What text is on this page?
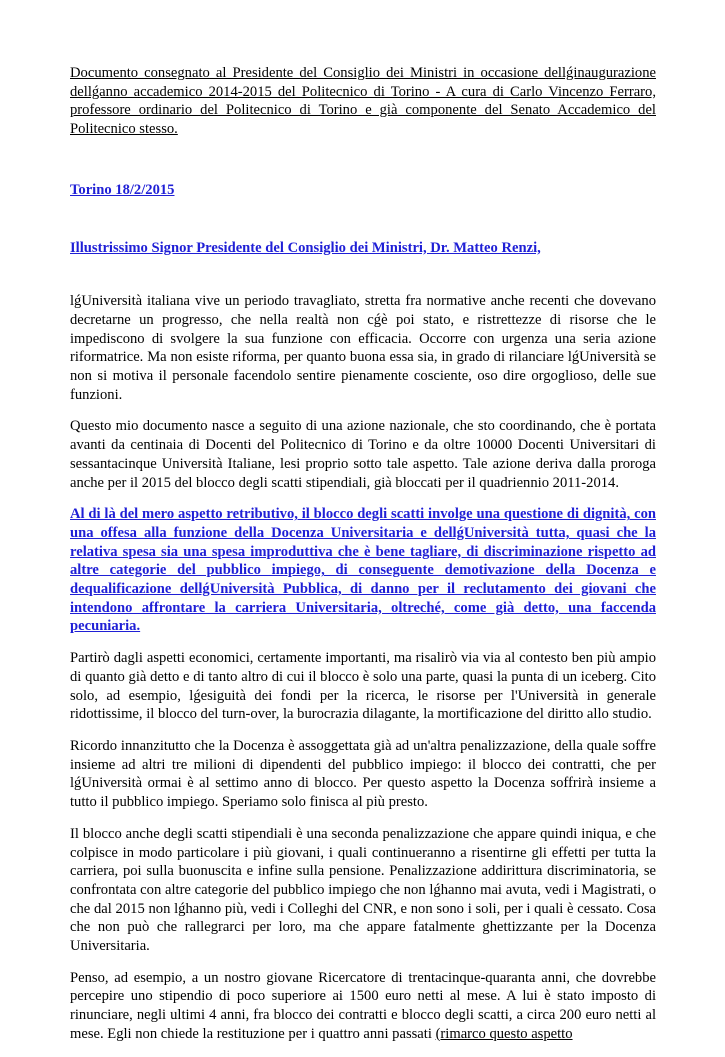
Documento consegnato al Presidente del Consiglio dei Ministri in occasione dellǵinaugurazione dellǵanno accademico 2014-2015 del Politecnico di Torino - A cura di Carlo Vincenzo Ferraro, professore ordinario del Politecnico di Torino e già componente del Senato Accademico del Politecnico stesso.

Torino 18/2/2015

Illustrissimo Signor Presidente del Consiglio dei Ministri, Dr. Matteo Renzi,

lǵUniversità italiana vive un periodo travagliato, stretta fra normative anche recenti che dovevano decretarne un progresso, che nella realtà non cǵè poi stato, e ristrettezze di risorse che le impediscono di svolgere la sua funzione con efficacia. Occorre con urgenza una seria azione riformatrice. Ma non esiste riforma, per quanto buona essa sia, in grado di rilanciare lǵUniversità se non si motiva il personale facendolo sentire pienamente cosciente, oso dire orgoglioso, delle sue funzioni.

Questo mio documento nasce a seguito di una azione nazionale, che sto coordinando, che è portata avanti da centinaia di Docenti del Politecnico di Torino e da oltre 10000 Docenti Universitari di sessantacinque Università Italiane, lesi proprio sotto tale aspetto. Tale azione deriva dalla proroga anche per il 2015 del blocco degli scatti stipendiali, già bloccati per il quadriennio 2011-2014.

Al di là del mero aspetto retributivo, il blocco degli scatti involge una questione di dignità, con una offesa alla funzione della Docenza Universitaria e dellǵUniversità tutta, quasi che la relativa spesa sia una spesa improduttiva che è bene tagliare, di discriminazione rispetto ad altre categorie del pubblico impiego, di conseguente demotivazione della Docenza e dequalificazione dellǵUniversità Pubblica, di danno per il reclutamento dei giovani che intendono affrontare la carriera Universitaria, oltreché, come già detto, una faccenda pecuniaria.

Partirò dagli aspetti economici, certamente importanti, ma risalirò via via al contesto ben più ampio di quanto già detto e di tanto altro di cui il blocco è solo una parte, quasi la punta di un iceberg. Cito solo, ad esempio, lǵesiguità dei fondi per la ricerca, le risorse per l'Università in generale ridottissime, il blocco del turn-over, la burocrazia dilagante, la mortificazione del diritto allo studio.

Ricordo innanzitutto che la Docenza è assoggettata già ad un'altra penalizzazione, della quale soffre insieme ad altri tre milioni di dipendenti del pubblico impiego: il blocco dei contratti, che per lǵUniversità ormai è al settimo anno di blocco. Per questo aspetto la Docenza soffrirà insieme a tutto il pubblico impiego. Speriamo solo finisca al più presto.

Il blocco anche degli scatti stipendiali è una seconda penalizzazione che appare quindi iniqua, e che colpisce in modo particolare i più giovani, i quali continueranno a risentirne gli effetti per tutta la carriera, poi sulla buonuscita e infine sulla pensione. Penalizzazione addirittura discriminatoria, se confrontata con altre categorie del pubblico impiego che non lǵhanno mai avuta, vedi i Magistrati, o che dal 2015 non lǵhanno più, vedi i Colleghi del CNR, e non sono i soli, per i quali è cessato. Cosa che non può che rallegrarci per loro, ma che appare fatalmente ghettizzante per la Docenza Universitaria.

Penso, ad esempio, a un nostro giovane Ricercatore di trentacinque-quaranta anni, che dovrebbe percepire uno stipendio di poco superiore ai 1500 euro netti al mese. A lui è stato imposto di rinunciare, negli ultimi 4 anni, fra blocco dei contratti e blocco degli scatti, a circa 200 euro netti al mese. Egli non chiede la restituzione per i quattro anni passati (rimarco questo aspetto
